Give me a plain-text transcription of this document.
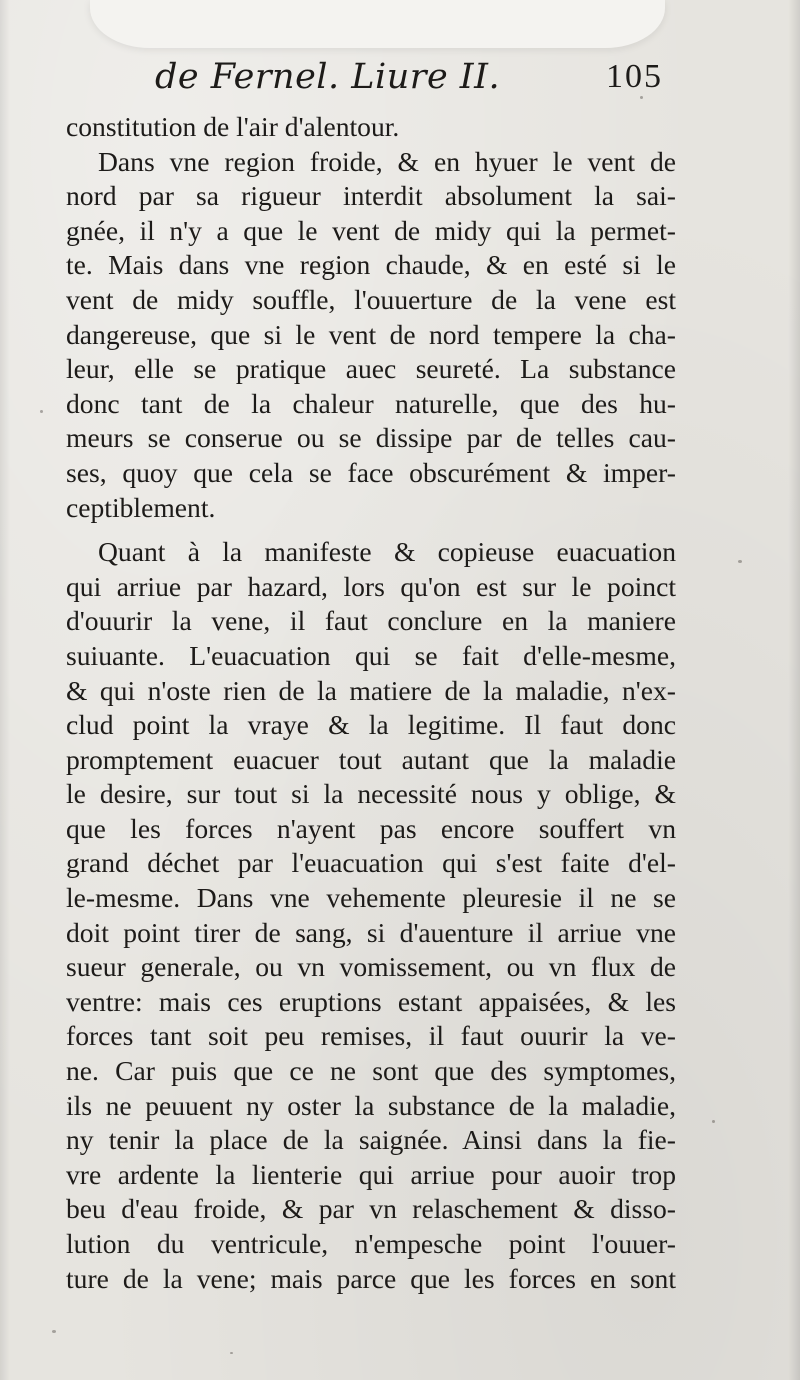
de Fernel. Liure II.	105
constitution de l'air d'alentour.
Dans vne region froide, & en hyuer le vent de
nord par sa rigueur interdit absolument la sai-
gnée, il n'y a que le vent de midy qui la permet-
te. Mais dans vne region chaude, & en esté si le
vent de midy souffle, l'ouuerture de la vene est
dangereuse, que si le vent de nord tempere la cha-
leur, elle se pratique auec seureté. La substance
donc tant de la chaleur naturelle, que des hu-
meurs se conserue ou se dissipe par de telles cau-
ses, quoy que cela se face obscurément & imper-
ceptiblement.
Quant à la manifeste & copieuse euacuation
qui arriue par hazard, lors qu'on est sur le poinct
d'ouurir la vene, il faut conclure en la maniere
suiuante. L'euacuation qui se fait d'elle-mesme,
& qui n'oste rien de la matiere de la maladie, n'ex-
clud point la vraye & la legitime. Il faut donc
promptement euacuer tout autant que la maladie
le desire, sur tout si la necessité nous y oblige, &
que les forces n'ayent pas encore souffert vn
grand déchet par l'euacuation qui s'est faite d'el-
le-mesme. Dans vne vehemente pleuresie il ne se
doit point tirer de sang, si d'auenture il arriue vne
sueur generale, ou vn vomissement, ou vn flux de
ventre: mais ces eruptions estant appaisées, & les
forces tant soit peu remises, il faut ouurir la ve-
ne. Car puis que ce ne sont que des symptomes,
ils ne peuuent ny oster la substance de la maladie,
ny tenir la place de la saignée. Ainsi dans la fie-
vre ardente la lienterie qui arriue pour auoir trop
beu d'eau froide, & par vn relaschement & disso-
lution du ventricule, n'empesche point l'ouuer-
ture de la vene; mais parce que les forces en sont
